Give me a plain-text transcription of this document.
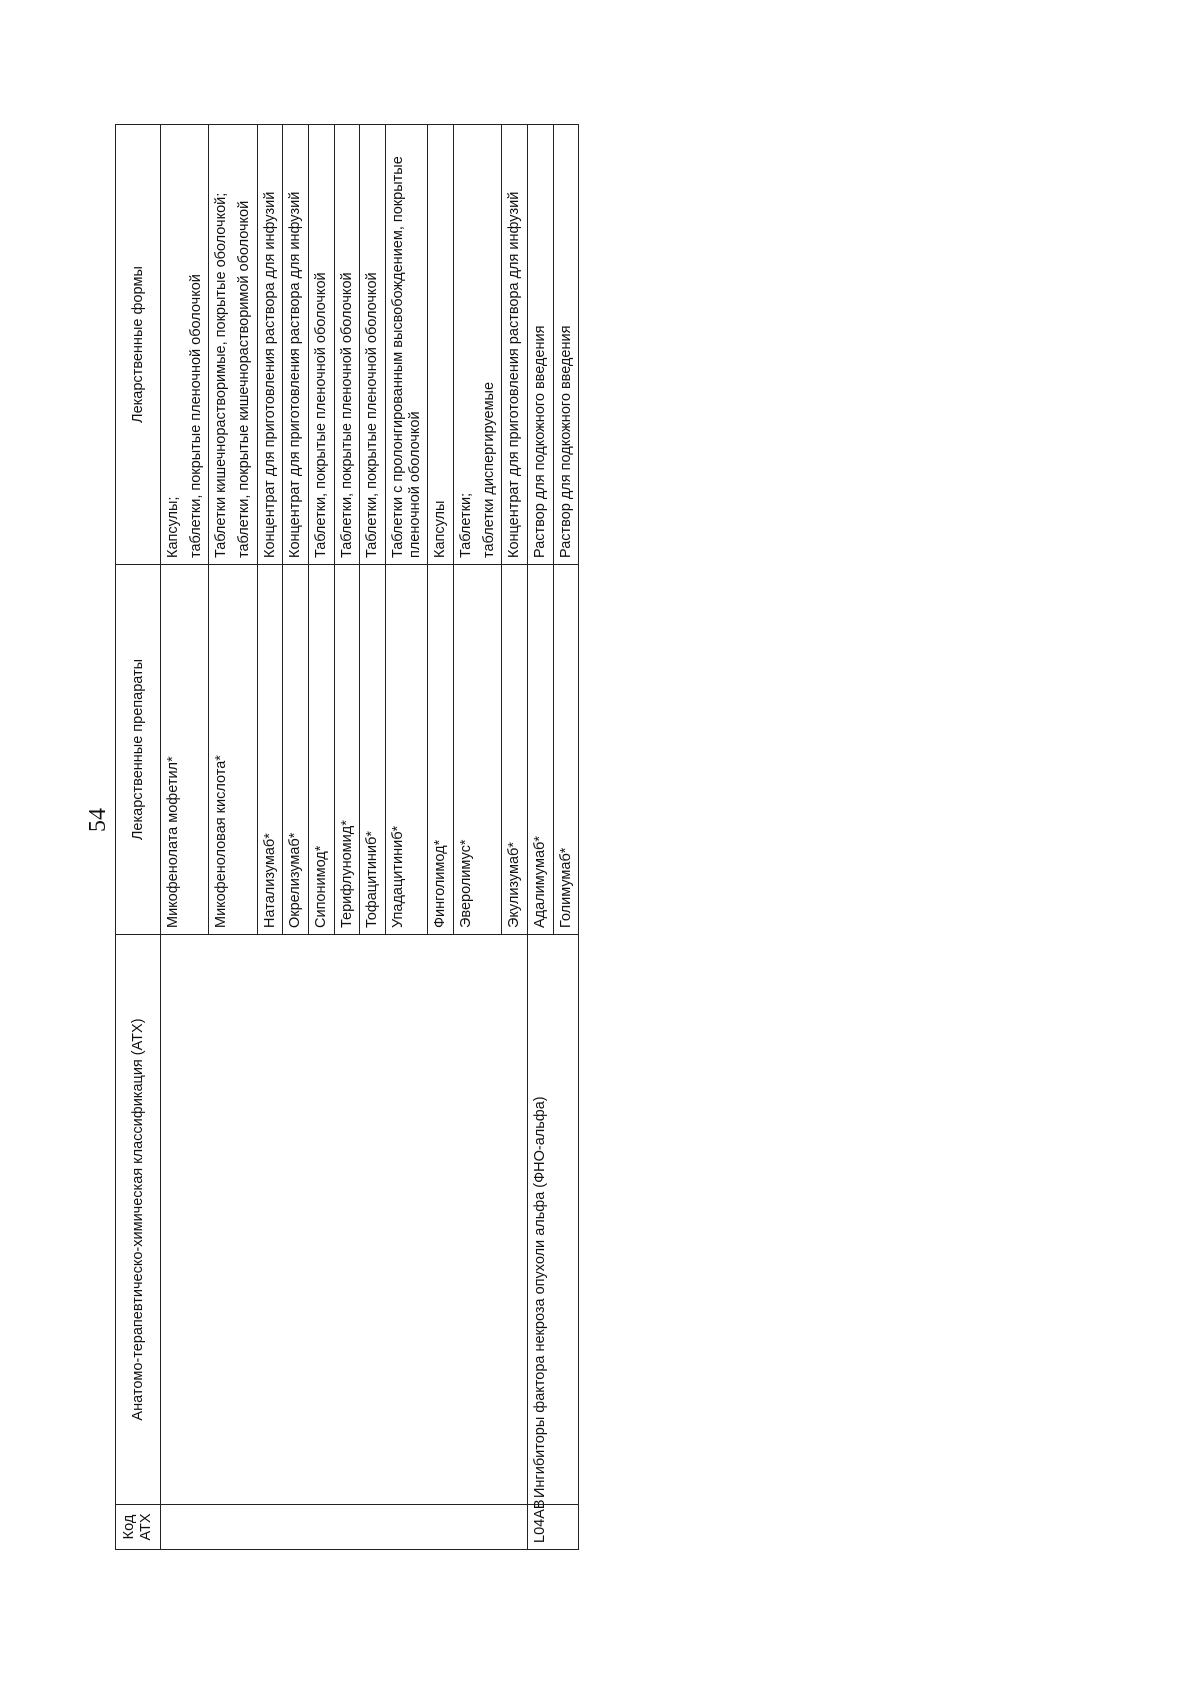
54
Код АТХ	Анатомо-терапевтическо-химическая классификация (АТХ)	Лекарственные препараты	Лекарственные формы
		Микофенолата мофетил*	Капсулы; таблетки, покрытые пленочной оболочкой

		Микофеноловая кислота*	Таблетки кишечнорастворимые, покрытые оболочкой; таблетки, покрытые кишечнорастворимой оболочкой

		Натализумаб*	Концентрат для приготовления раствора для инфузий

		Окрелизумаб*	Концентрат для приготовления раствора для инфузий

		Сипонимод*	Таблетки, покрытые пленочной оболочкой

		Терифлуномид*	Таблетки, покрытые пленочной оболочкой

		Тофацитиниб*	Таблетки, покрытые пленочной оболочкой

		Упадацитиниб*	Таблетки с пролонгированным высвобождением, покрытые пленочной оболочкой

		Финголимод*	Капсулы

		Эверолимус*	Таблетки; таблетки диспергируемые

		Экулизумаб*	Концентрат для приготовления раствора для инфузий

L04AB	Ингибиторы фактора некроза опухоли альфа (ФНО-альфа)	Адалимумаб*	Раствор для подкожного введения

		Голимумаб*	Раствор для подкожного введения
